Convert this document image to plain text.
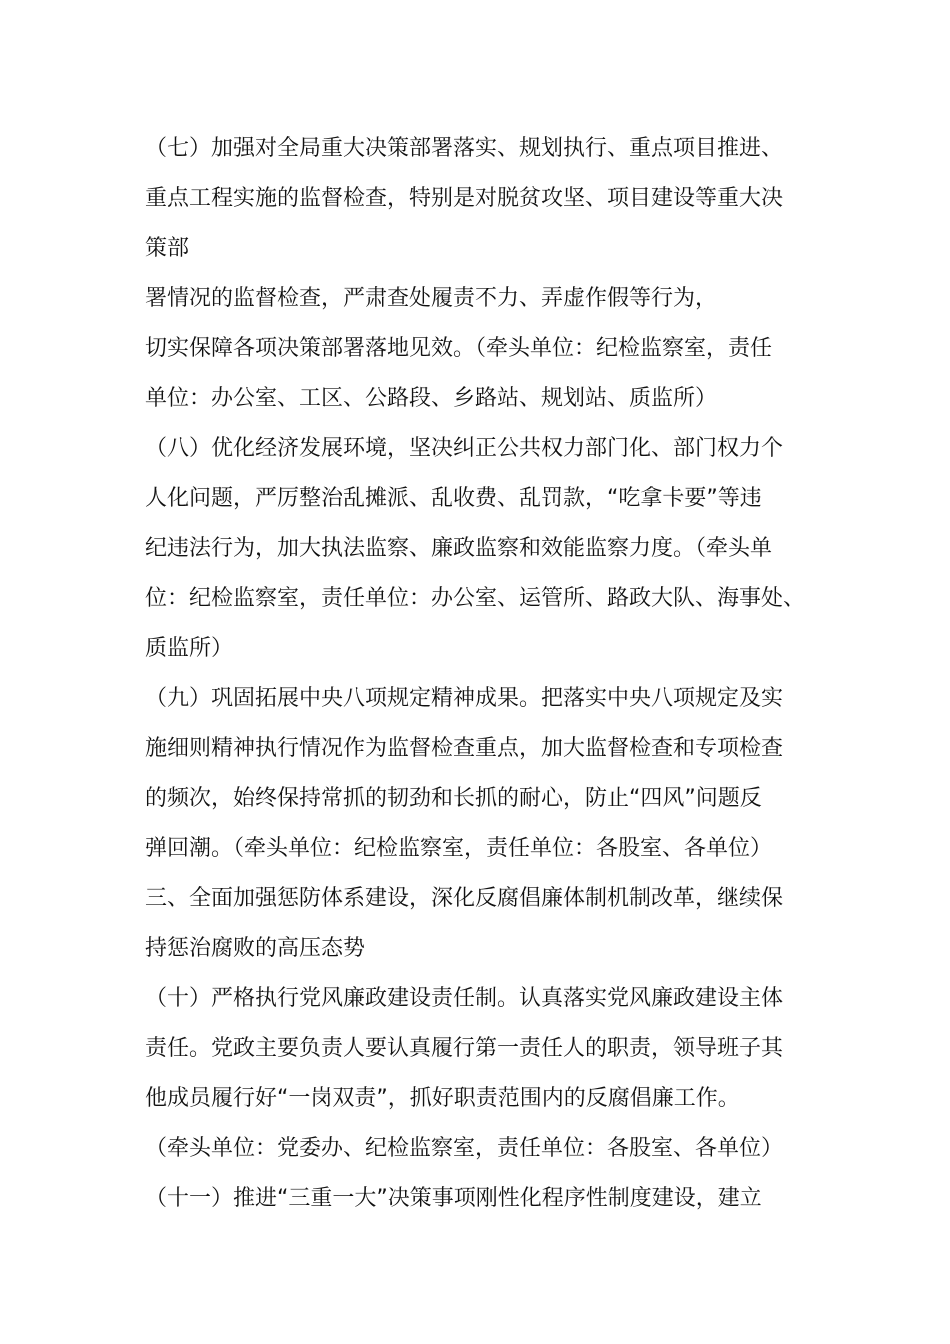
（七）加强对全局重大决策部署落实、规划执行、重点项目推进、
重点工程实施的监督检查，特别是对脱贫攻坚、项目建设等重大决
策部
署情况的监督检查，严肃查处履责不力、弄虚作假等行为，
切实保障各项决策部署落地见效。（牵头单位：纪检监察室，责任
单位：办公室、工区、公路段、乡路站、规划站、质监所）
（八）优化经济发展环境，坚决纠正公共权力部门化、部门权力个
人化问题，严厉整治乱摊派、乱收费、乱罚款，“吃拿卡要”等违
纪违法行为，加大执法监察、廉政监察和效能监察力度。（牵头单
位：纪检监察室，责任单位：办公室、运管所、路政大队、海事处、
质监所）
（九）巩固拓展中央八项规定精神成果。把落实中央八项规定及实
施细则精神执行情况作为监督检查重点，加大监督检查和专项检查
的频次，始终保持常抓的韧劲和长抓的耐心，防止“四风”问题反
弹回潮。（牵头单位：纪检监察室，责任单位：各股室、各单位）
三、全面加强惩防体系建设，深化反腐倡廉体制机制改革，继续保
持惩治腐败的高压态势
（十）严格执行党风廉政建设责任制。认真落实党风廉政建设主体
责任。党政主要负责人要认真履行第一责任人的职责，领导班子其
他成员履行好“一岗双责”，抓好职责范围内的反腐倡廉工作。
（牵头单位：党委办、纪检监察室，责任单位：各股室、各单位）
（十一）推进“三重一大”决策事项刚性化程序性制度建设，建立
